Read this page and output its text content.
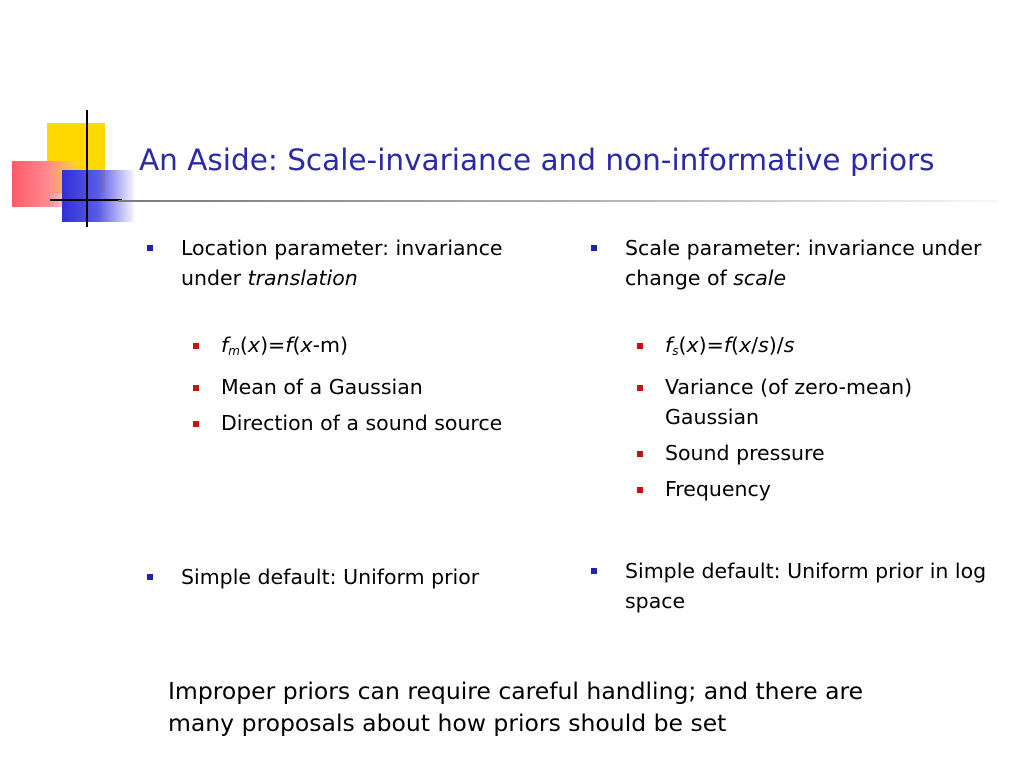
An Aside: Scale-invariance and non-informative priors
Location parameter: invariance under translation
$f_m(x)=f(x-m)$
Mean of a Gaussian
Direction of a sound source
Simple default: Uniform prior
Scale parameter: invariance under change of scale
$f_s(x)=f(x/s)/s$
Variance (of zero-mean) Gaussian
Sound pressure
Frequency
Simple default: Uniform prior in log space
Improper priors can require careful handling; and there are many proposals about how priors should be set
